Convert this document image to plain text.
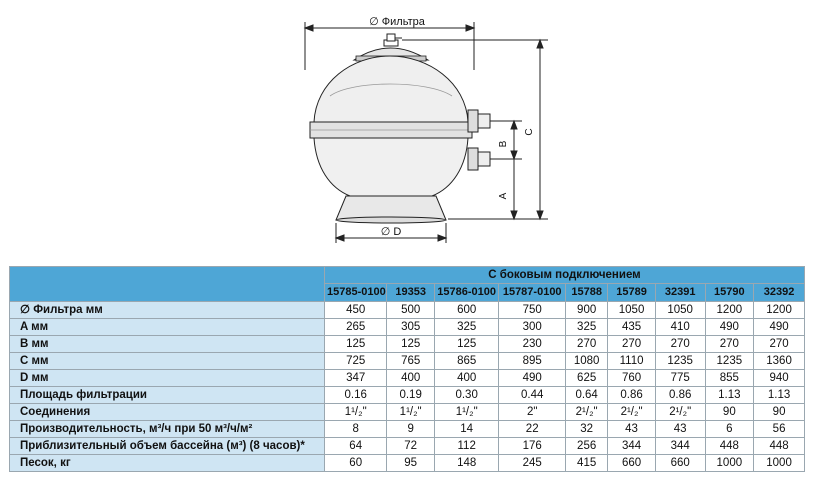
∅ Фильтра
B
A
C
∅ D
	С боковым подключением								
	15785-0100	19353	15786-0100	15787-0100	15788	15789	32391	15790	32392
∅ Фильтра мм	450	500	600	750	900	1050	1050	1200	1200
A мм	265	305	325	300	325	435	410	490	490
B мм	125	125	125	230	270	270	270	270	270
C мм	725	765	865	895	1080	1110	1235	1235	1360
D мм	347	400	400	490	625	760	775	855	940
Площадь фильтрации	0.16	0.19	0.30	0.44	0.64	0.86	0.86	1.13	1.13
Соединения	1¹/₂"	1¹/₂"	1¹/₂"	2"	2¹/₂"	2¹/₂"	2¹/₂"	90	90
Производительность, м³/ч при 50 м³/ч/м²	8	9	14	22	32	43	43	6	56
Приблизительный объем бассейна (м³) (8 часов)*	64	72	112	176	256	344	344	448	448
Песок, кг	60	95	148	245	415	660	660	1000	1000
